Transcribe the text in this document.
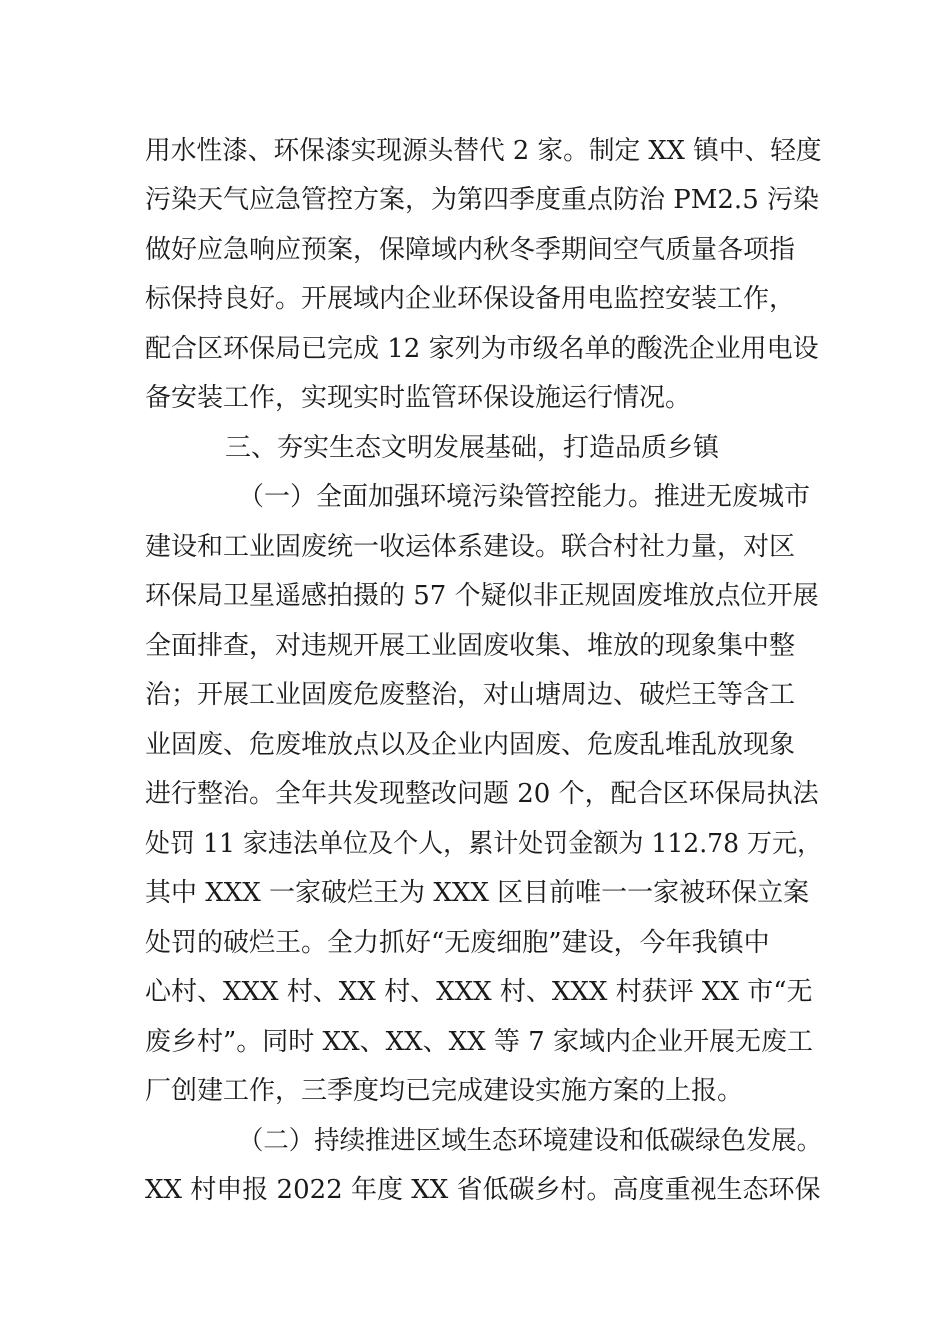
用水性漆、环保漆实现源头替代 2 家。制定 XX 镇中、轻度
污染天气应急管控方案，为第四季度重点防治 PM2.5 污染
做好应急响应预案，保障域内秋冬季期间空气质量各项指
标保持良好。开展域内企业环保设备用电监控安装工作，
配合区环保局已完成 12 家列为市级名单的酸洗企业用电设
备安装工作，实现实时监管环保设施运行情况。
三、夯实生态文明发展基础，打造品质乡镇
（一）全面加强环境污染管控能力。推进无废城市
建设和工业固废统一收运体系建设。联合村社力量，对区
环保局卫星遥感拍摄的 57 个疑似非正规固废堆放点位开展
全面排查，对违规开展工业固废收集、堆放的现象集中整
治；开展工业固废危废整治，对山塘周边、破烂王等含工
业固废、危废堆放点以及企业内固废、危废乱堆乱放现象
进行整治。全年共发现整改问题 20 个，配合区环保局执法
处罚 11 家违法单位及个人，累计处罚金额为 112.78 万元，
其中 XXX 一家破烂王为 XXX 区目前唯一一家被环保立案
处罚的破烂王。全力抓好“无废细胞”建设，今年我镇中
心村、XXX 村、XX 村、XXX 村、XXX 村获评 XX 市“无
废乡村”。同时 XX、XX、XX 等 7 家域内企业开展无废工
厂创建工作，三季度均已完成建设实施方案的上报。
（二）持续推进区域生态环境建设和低碳绿色发展。
XX 村申报 2022 年度 XX 省低碳乡村。高度重视生态环保
